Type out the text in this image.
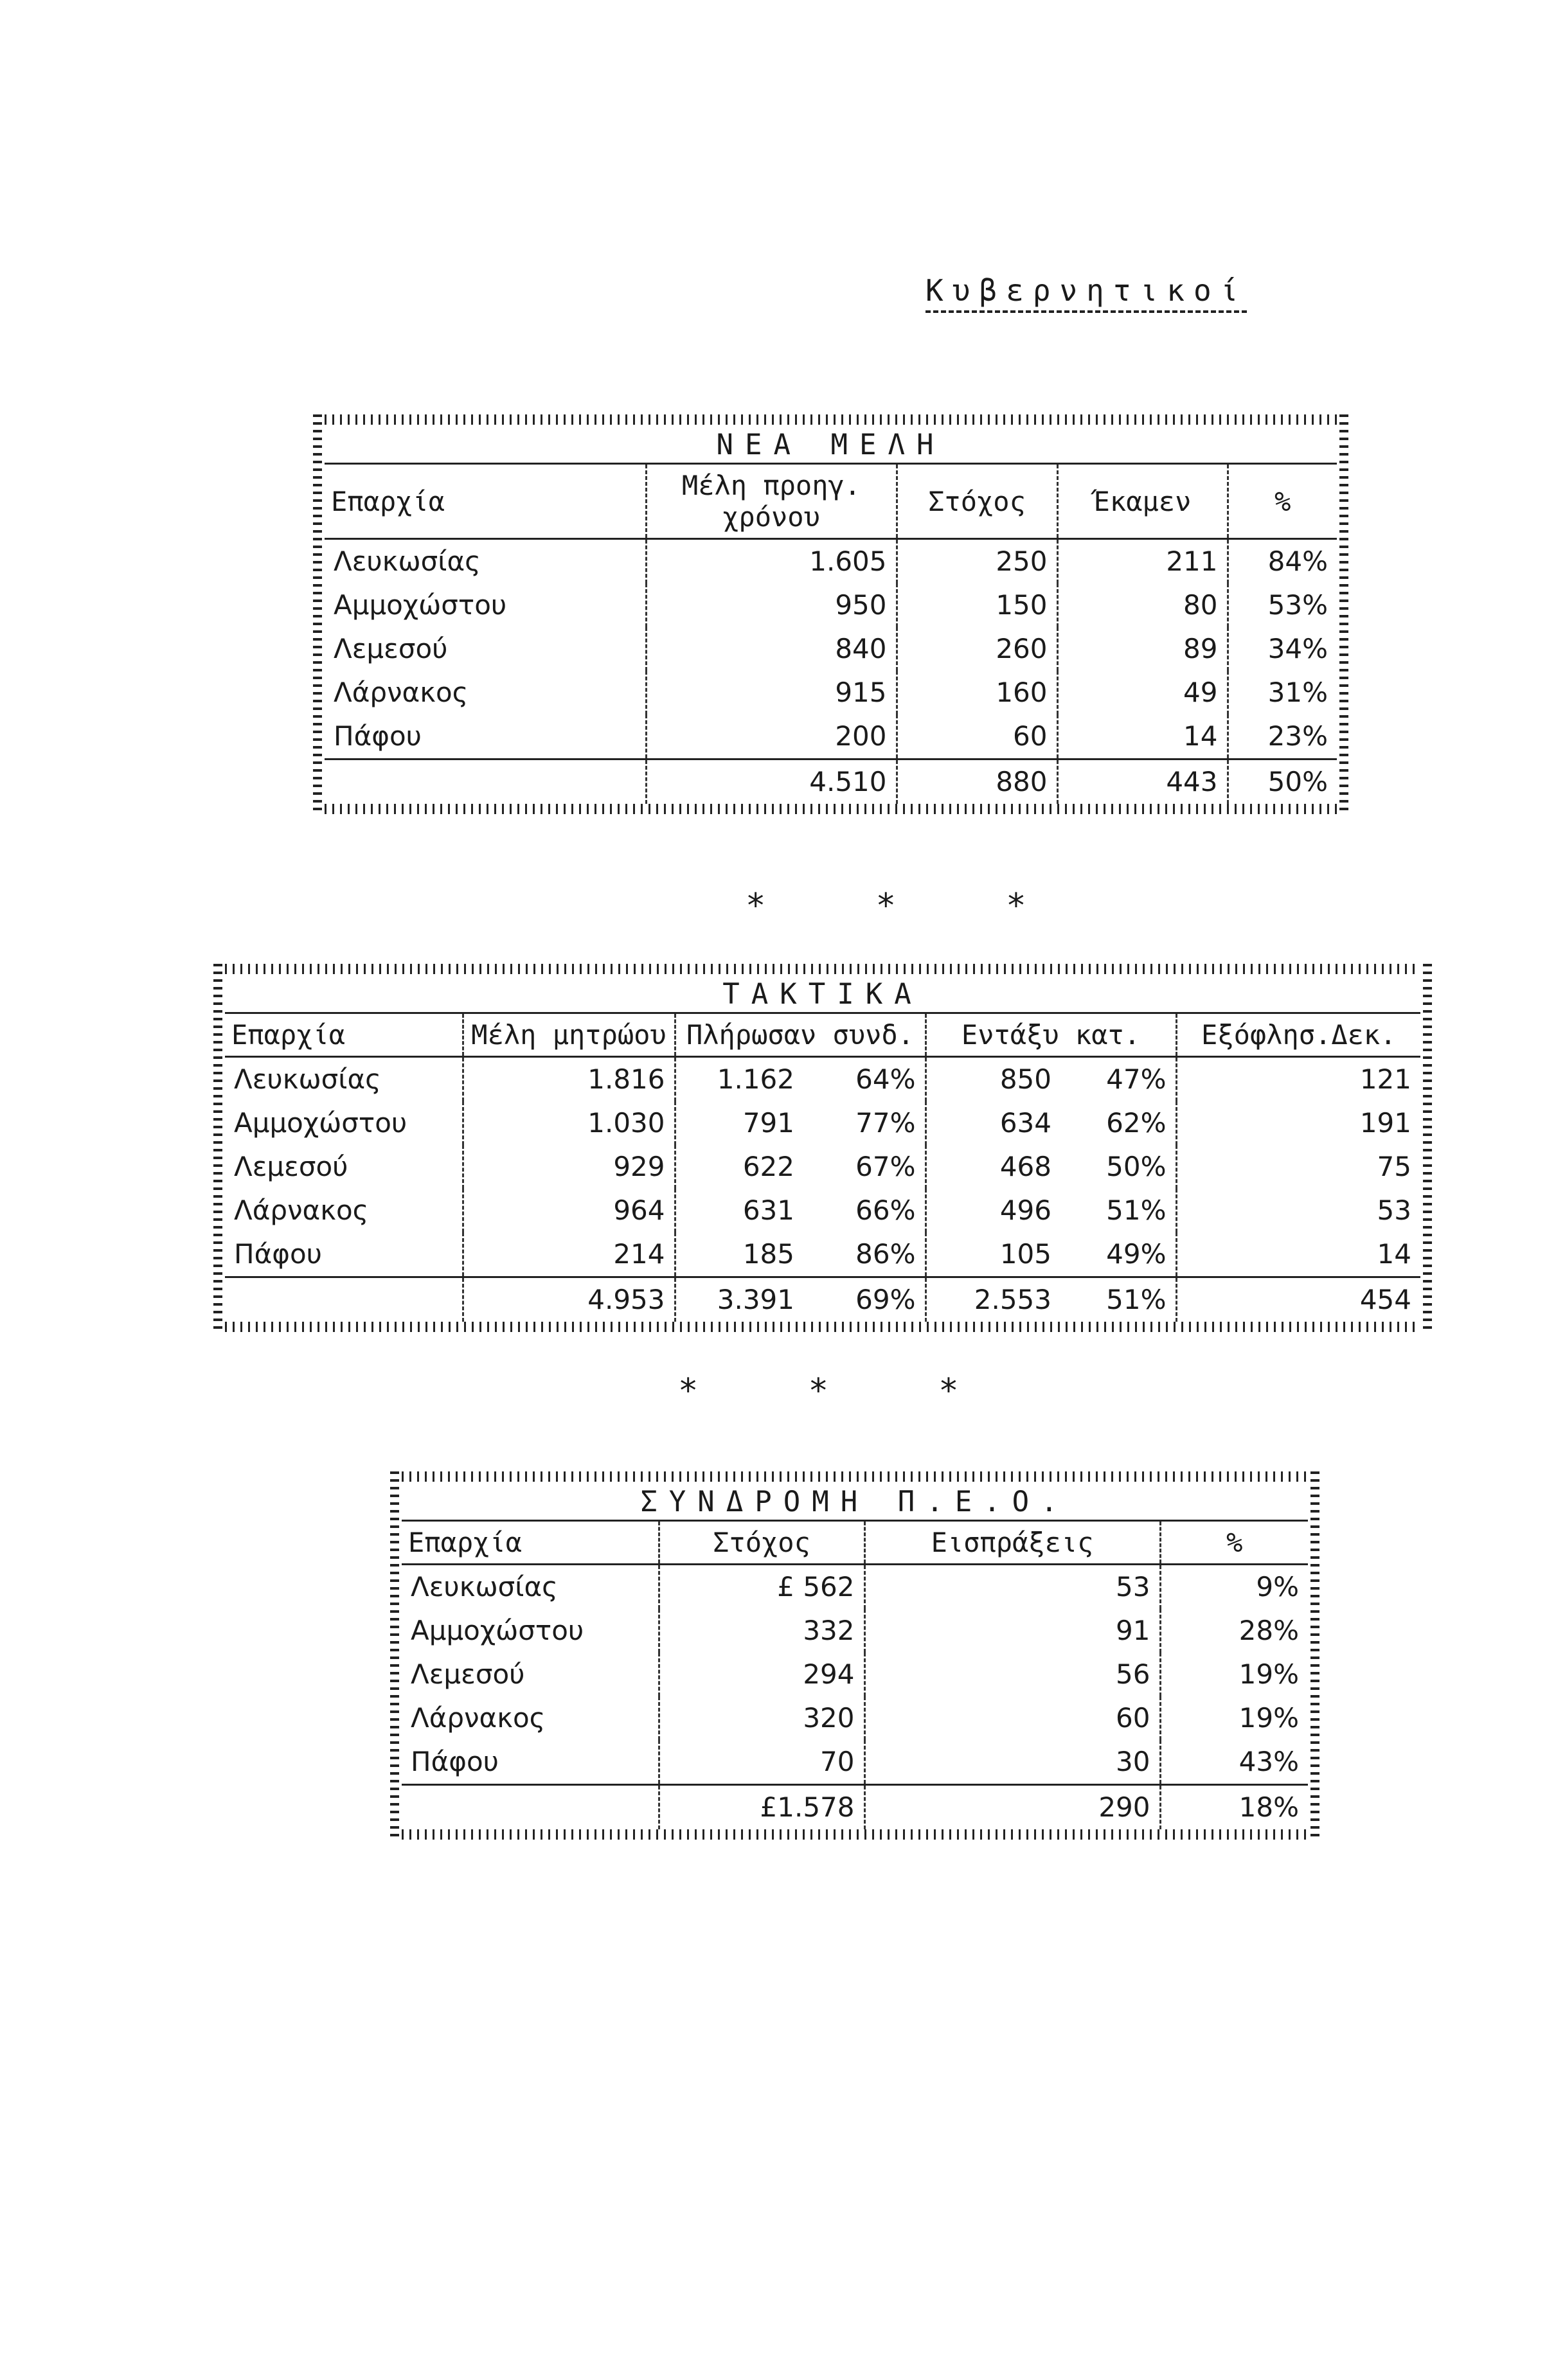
Κυβερνητικοί
ΝΕΑ ΜΕΛΗ
Επαρχία	Μέλη προηγ. χρόνου	Στόχος	Έκαμεν	%
Λευκωσίας	1.605	250	211	84%
Αμμοχώστου	950	150	80	53%
Λεμεσού	840	260	89	34%
Λάρνακος	915	160	49	31%
Πάφου	200	60	14	23%
	4.510	880	443	50%
* * *
ΤΑΚΤΙΚΑ
Επαρχία	Μέλη μητρώου	Πλήρωσαν συνδ.		Εντάξυ κατ.		Εξόφλησ.Δεκ.
Λευκωσίας	1.816	1.162	64%	850	47%	121
Αμμοχώστου	1.030	791	77%	634	62%	191
Λεμεσού	929	622	67%	468	50%	75
Λάρνακος	964	631	66%	496	51%	53
Πάφου	214	185	86%	105	49%	14
	4.953	3.391	69%	2.553	51%	454
* * *
ΣΥΝΔΡΟΜΗ Π.Ε.Ο.
Επαρχία	Στόχος	Εισπράξεις	%
Λευκωσίας	£ 562	53	9%
Αμμοχώστου	332	91	28%
Λεμεσού	294	56	19%
Λάρνακος	320	60	19%
Πάφου	70	30	43%
	£1.578	290	18%
